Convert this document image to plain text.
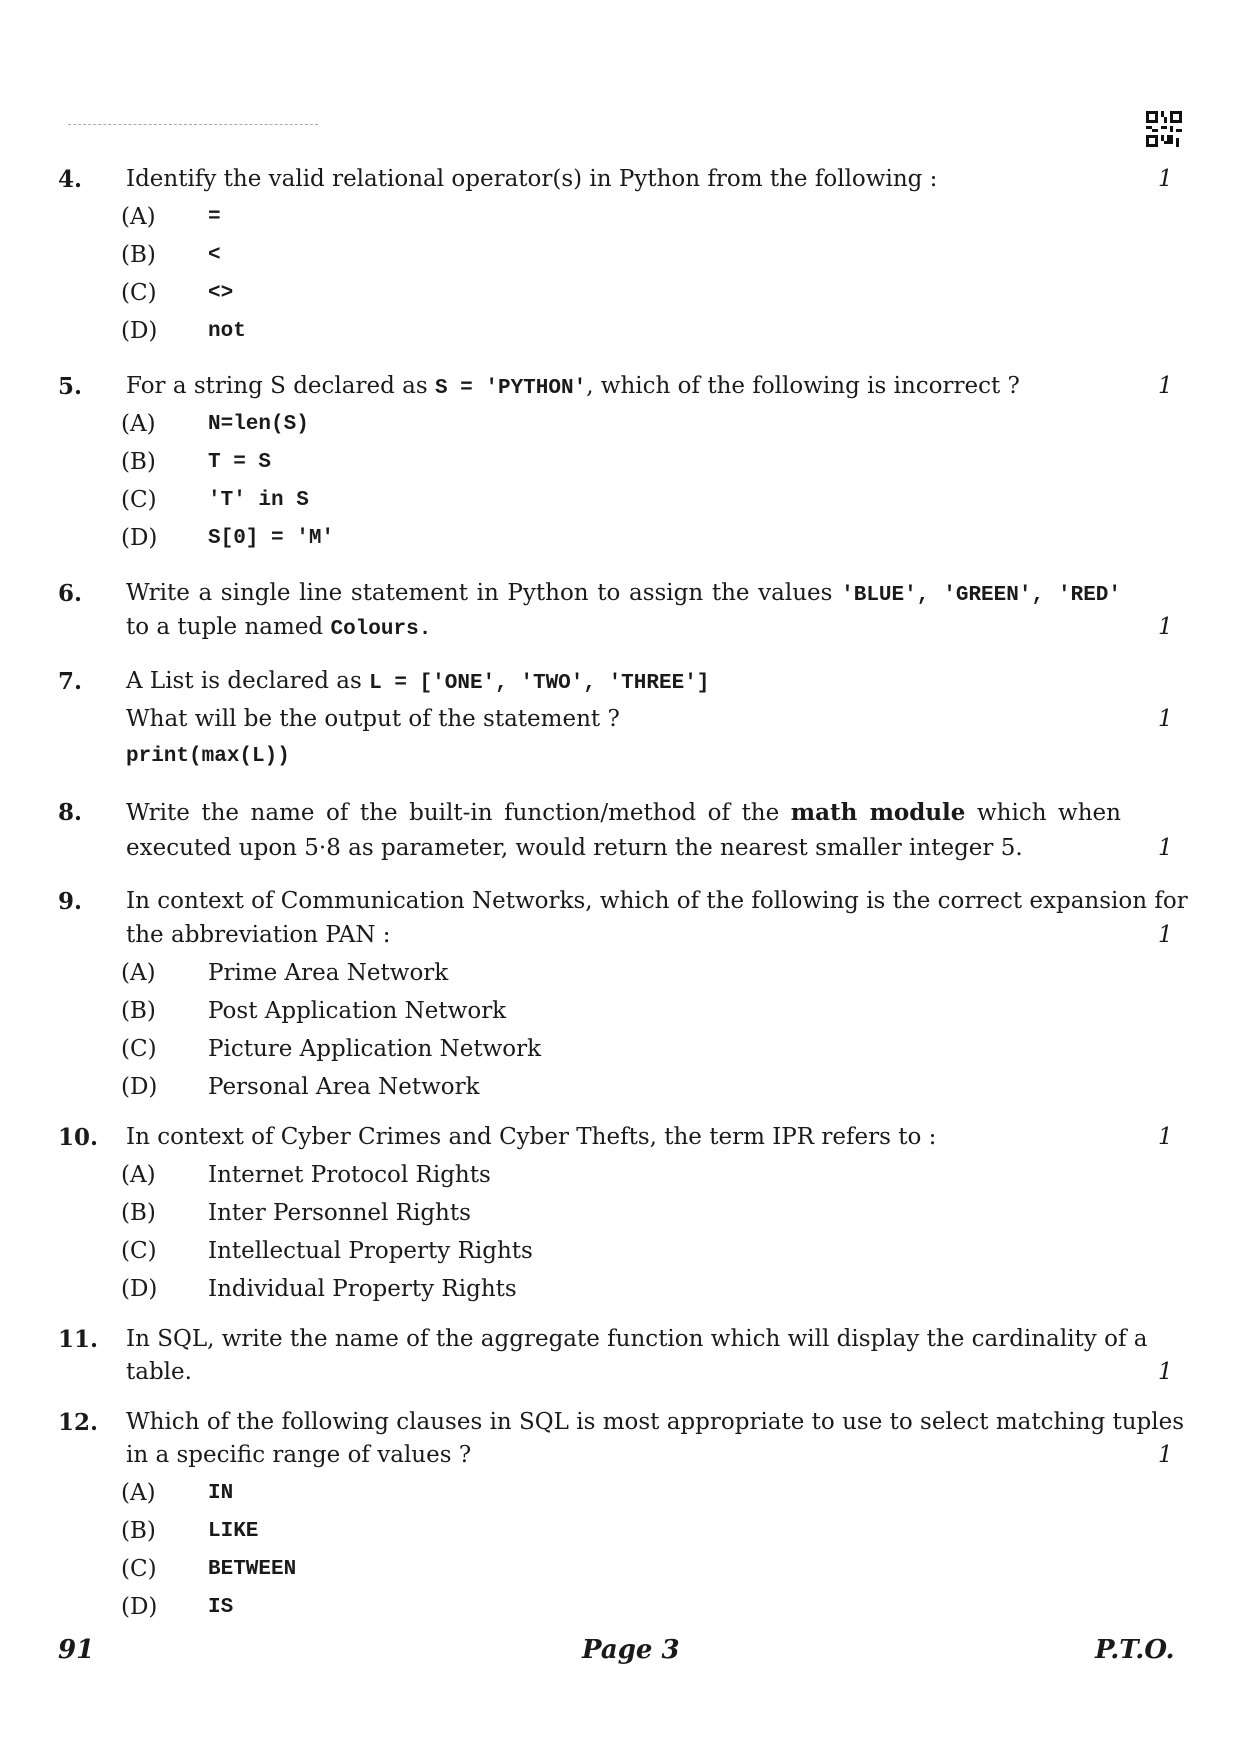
4. Identify the valid relational operator(s) in Python from the following :	1
(A) =
(B) <
(C) <>
(D) not
5. For a string S declared as S = 'PYTHON', which of the following is incorrect ?	1
(A) N=len(S)
(B) T = S
(C) 'T' in S
(D) S[0] = 'M'
6. Write a single line statement in Python to assign the values 'BLUE', 'GREEN', 'RED'
to a tuple named Colours.	1
7. A List is declared as L = ['ONE', 'TWO', 'THREE']
What will be the output of the statement ?	1
print(max(L))
8. Write the name of the built-in function/method of the math module which when
executed upon 5·8 as parameter, would return the nearest smaller integer 5.	1
9. In context of Communication Networks, which of the following is the correct expansion for
the abbreviation PAN :	1
(A) Prime Area Network
(B) Post Application Network
(C) Picture Application Network
(D) Personal Area Network
10. In context of Cyber Crimes and Cyber Thefts, the term IPR refers to :	1
(A) Internet Protocol Rights
(B) Inter Personnel Rights
(C) Intellectual Property Rights
(D) Individual Property Rights
11. In SQL, write the name of the aggregate function which will display the cardinality of a
table.	1
12. Which of the following clauses in SQL is most appropriate to use to select matching tuples
in a specific range of values ?	1
(A) IN
(B) LIKE
(C) BETWEEN
(D) IS
91	Page 3	P.T.O.
